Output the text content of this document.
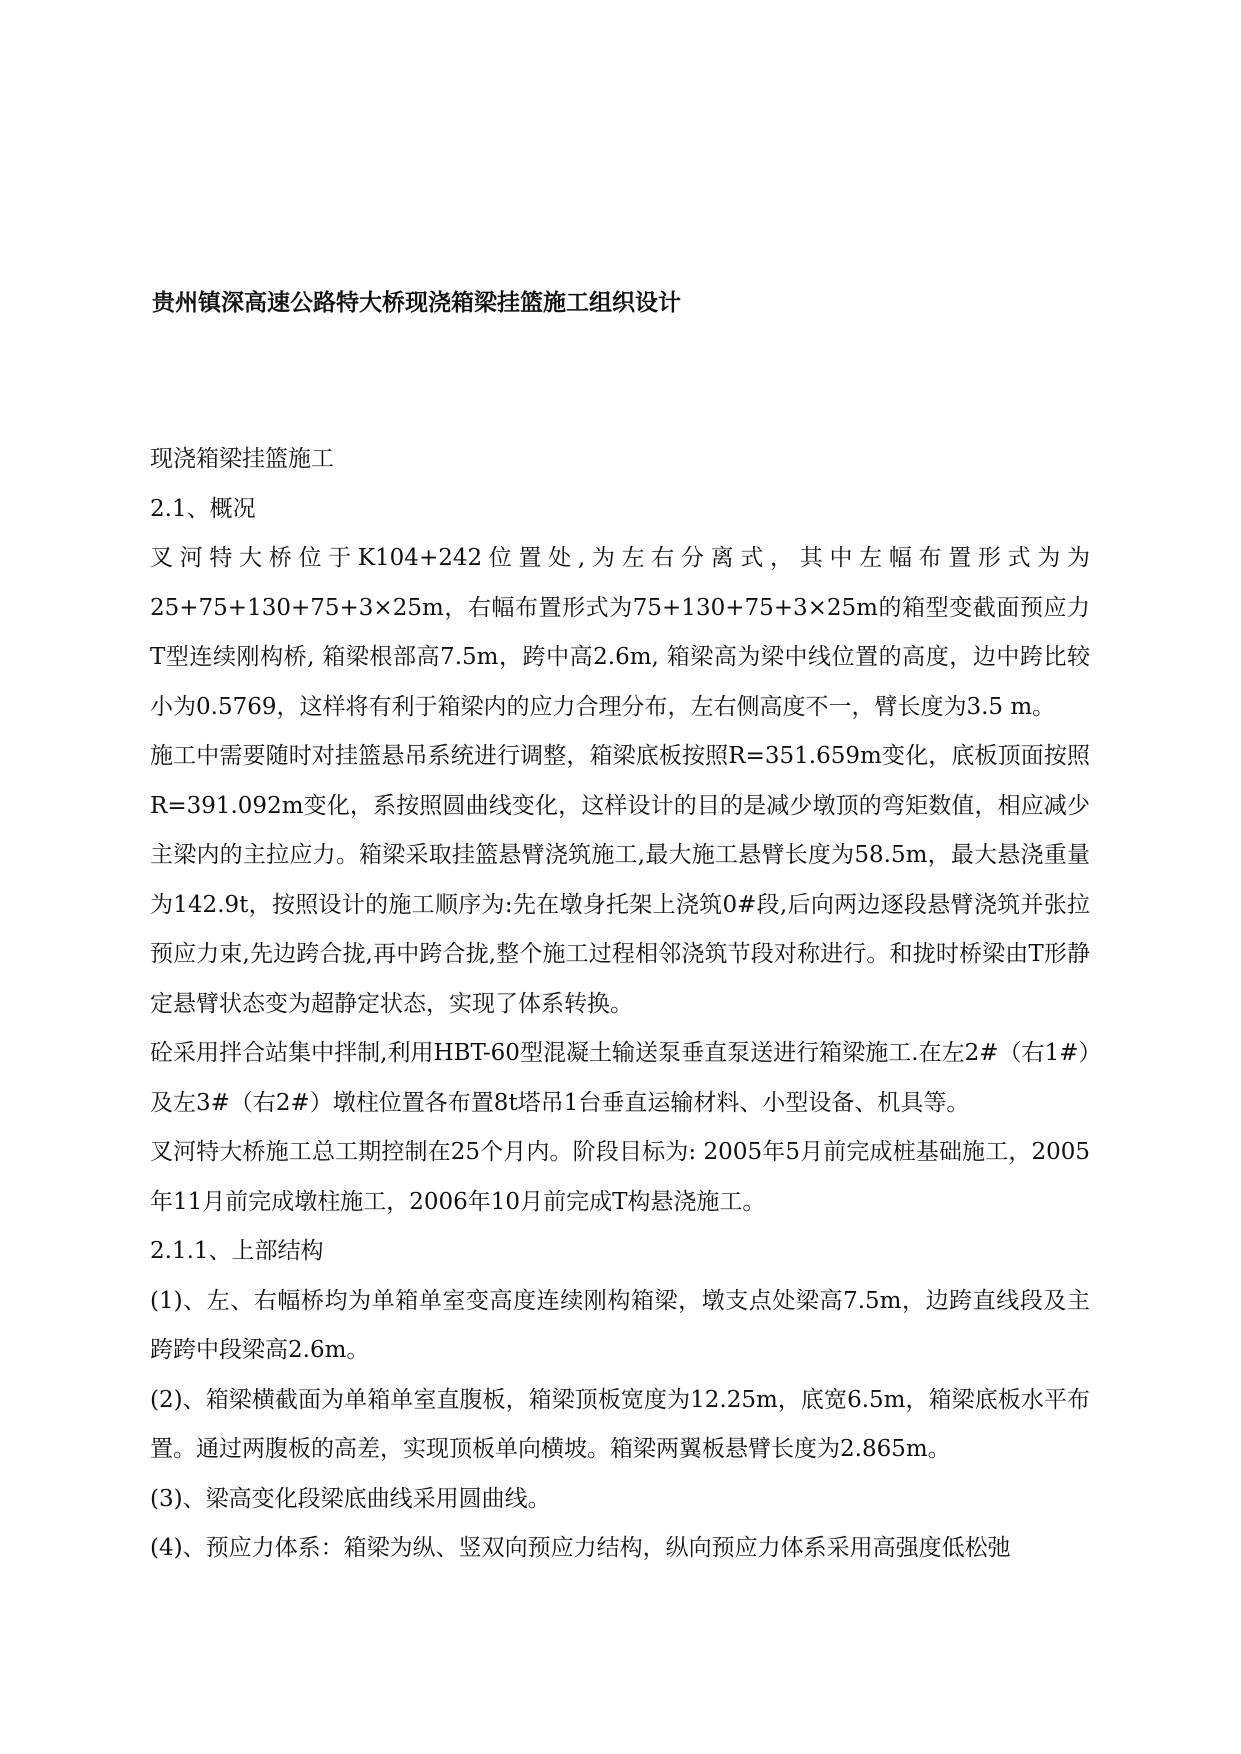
贵州镇深高速公路特大桥现浇箱梁挂篮施工组织设计

现浇箱梁挂篮施工

2.1、概况

叉河特大桥位于K104+242位置处,为左右分离式，其中左幅布置形式为为25+75+130+75+3×25m，右幅布置形式为75+130+75+3×25m的箱型变截面预应力T型连续刚构桥, 箱梁根部高7.5m，跨中高2.6m, 箱梁高为梁中线位置的高度，边中跨比较小为0.5769，这样将有利于箱梁内的应力合理分布，左右侧高度不一，臂长度为3.5 m。

施工中需要随时对挂篮悬吊系统进行调整，箱梁底板按照R=351.659m变化，底板顶面按照R=391.092m变化，系按照圆曲线变化，这样设计的目的是减少墩顶的弯矩数值，相应减少主梁内的主拉应力。箱梁采取挂篮悬臂浇筑施工,最大施工悬臂长度为58.5m，最大悬浇重量为142.9t，按照设计的施工顺序为:先在墩身托架上浇筑0#段,后向两边逐段悬臂浇筑并张拉预应力束,先边跨合拢,再中跨合拢,整个施工过程相邻浇筑节段对称进行。和拢时桥梁由T形静定悬臂状态变为超静定状态，实现了体系转换。

砼采用拌合站集中拌制,利用HBT-60型混凝土输送泵垂直泵送进行箱梁施工.在左2#（右1#）及左3#（右2#）墩柱位置各布置8t塔吊1台垂直运输材料、小型设备、机具等。

叉河特大桥施工总工期控制在25个月内。阶段目标为: 2005年5月前完成桩基础施工，2005年11月前完成墩柱施工，2006年10月前完成T构悬浇施工。

2.1.1、上部结构

(1)、左、右幅桥均为单箱单室变高度连续刚构箱梁，墩支点处梁高7.5m，边跨直线段及主跨跨中段梁高2.6m。

(2)、箱梁横截面为单箱单室直腹板，箱梁顶板宽度为12.25m，底宽6.5m，箱梁底板水平布置。通过两腹板的高差，实现顶板单向横坡。箱梁两翼板悬臂长度为2.865m。

(3)、梁高变化段梁底曲线采用圆曲线。

(4)、预应力体系：箱梁为纵、竖双向预应力结构，纵向预应力体系采用高强度低松弛
